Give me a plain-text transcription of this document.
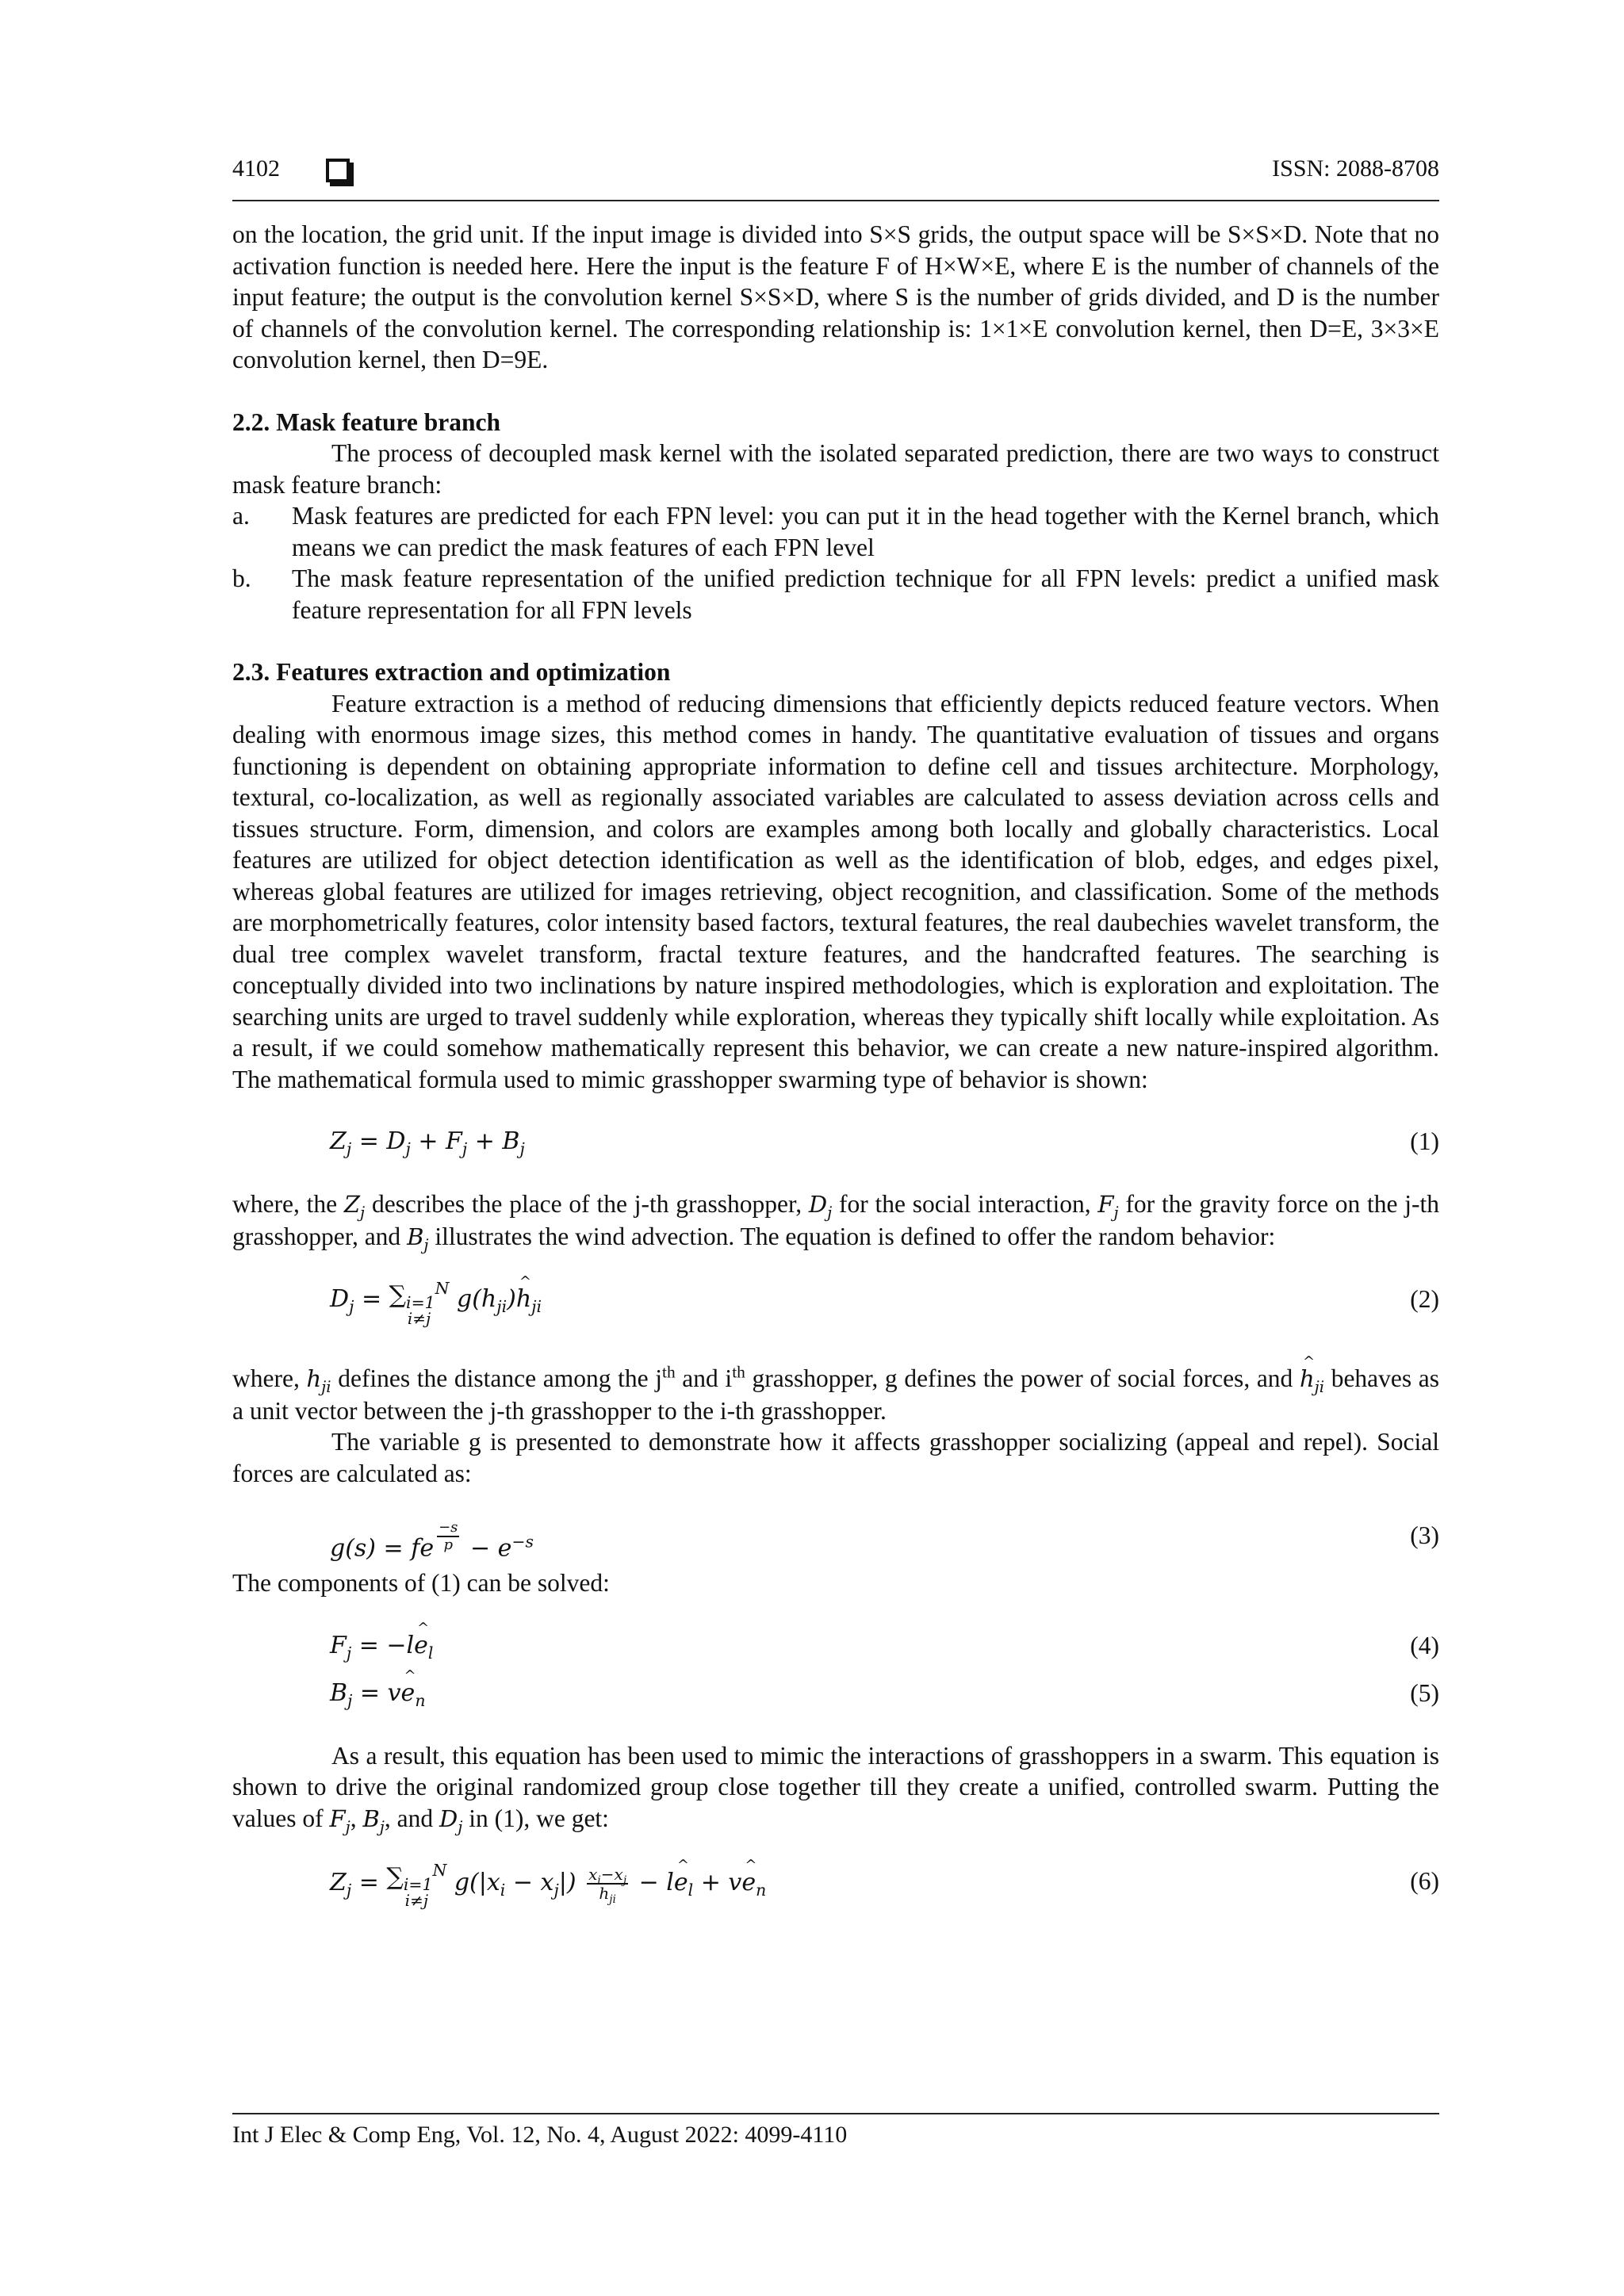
4102	ISSN: 2088-8708

on the location, the grid unit. If the input image is divided into S×S grids, the output space will be S×S×D. Note that no activation function is needed here. Here the input is the feature F of H×W×E, where E is the number of channels of the input feature; the output is the convolution kernel S×S×D, where S is the number of grids divided, and D is the number of channels of the convolution kernel. The corresponding relationship is: 1×1×E convolution kernel, then D=E, 3×3×E convolution kernel, then D=9E.

2.2. Mask feature branch

The process of decoupled mask kernel with the isolated separated prediction, there are two ways to construct mask feature branch:

a.	Mask features are predicted for each FPN level: you can put it in the head together with the Kernel branch, which means we can predict the mask features of each FPN level
b.	The mask feature representation of the unified prediction technique for all FPN levels: predict a unified mask feature representation for all FPN levels

2.3. Features extraction and optimization

Feature extraction is a method of reducing dimensions that efficiently depicts reduced feature vectors. When dealing with enormous image sizes, this method comes in handy. The quantitative evaluation of tissues and organs functioning is dependent on obtaining appropriate information to define cell and tissues architecture. Morphology, textural, co-localization, as well as regionally associated variables are calculated to assess deviation across cells and tissues structure. Form, dimension, and colors are examples among both locally and globally characteristics. Local features are utilized for object detection identification as well as the identification of blob, edges, and edges pixel, whereas global features are utilized for images retrieving, object recognition, and classification. Some of the methods are morphometrically features, color intensity based factors, textural features, the real daubechies wavelet transform, the dual tree complex wavelet transform, fractal texture features, and the handcrafted features. The searching is conceptually divided into two inclinations by nature inspired methodologies, which is exploration and exploitation. The searching units are urged to travel suddenly while exploration, whereas they typically shift locally while exploitation. As a result, if we could somehow mathematically represent this behavior, we can create a new nature-inspired algorithm. The mathematical formula used to mimic grasshopper swarming type of behavior is shown:

$Z_j = D_j + F_j + B_j$	(1)

where, the $Z_j$ describes the place of the j-th grasshopper, $D_j$ for the social interaction, $F_j$ for the gravity force on the j-th grasshopper, and $B_j$ illustrates the wind advection. The equation is defined to offer the random behavior:

$D_j = \sum_{i=1}^N$
i≠j
$g(h_{ji})\^{}$ $h_{ji}$	(2)

where, $h_{ji}$ defines the distance among the $j^{th}$ and $i^{th}$ grasshopper, g defines the power of social forces, and ^ $h_{ji}$ behaves as a unit vector between the j-th grasshopper to the i-th grasshopper.

The variable g is presented to demonstrate how it affects grasshopper socializing (appeal and repel). Social forces are calculated as:

g(s) = fe $^{\frac{-s}{p}} - e^{-s}$	(3)

The components of (1) can be solved:

$F_j$ = −l^ $e_l$	(4)
$B_j$ = v^ $e_n$	(5)

As a result, this equation has been used to mimic the interactions of grasshoppers in a swarm. This equation is shown to drive the original randomized group close together till they create a unified, controlled swarm. Putting the values of $F_j$, $B_j$, and $D_j$ in (1), we get:

$Z_j = \sum_{i=1}^N$
i≠j
$g(|x_i - x_j|) \frac{x_i-x_j}{h_{ji}}$ − l^ $e_l$ + v^ $e_n$	(6)
Int J Elec & Comp Eng, Vol. 12, No. 4, August 2022: 4099-4110
